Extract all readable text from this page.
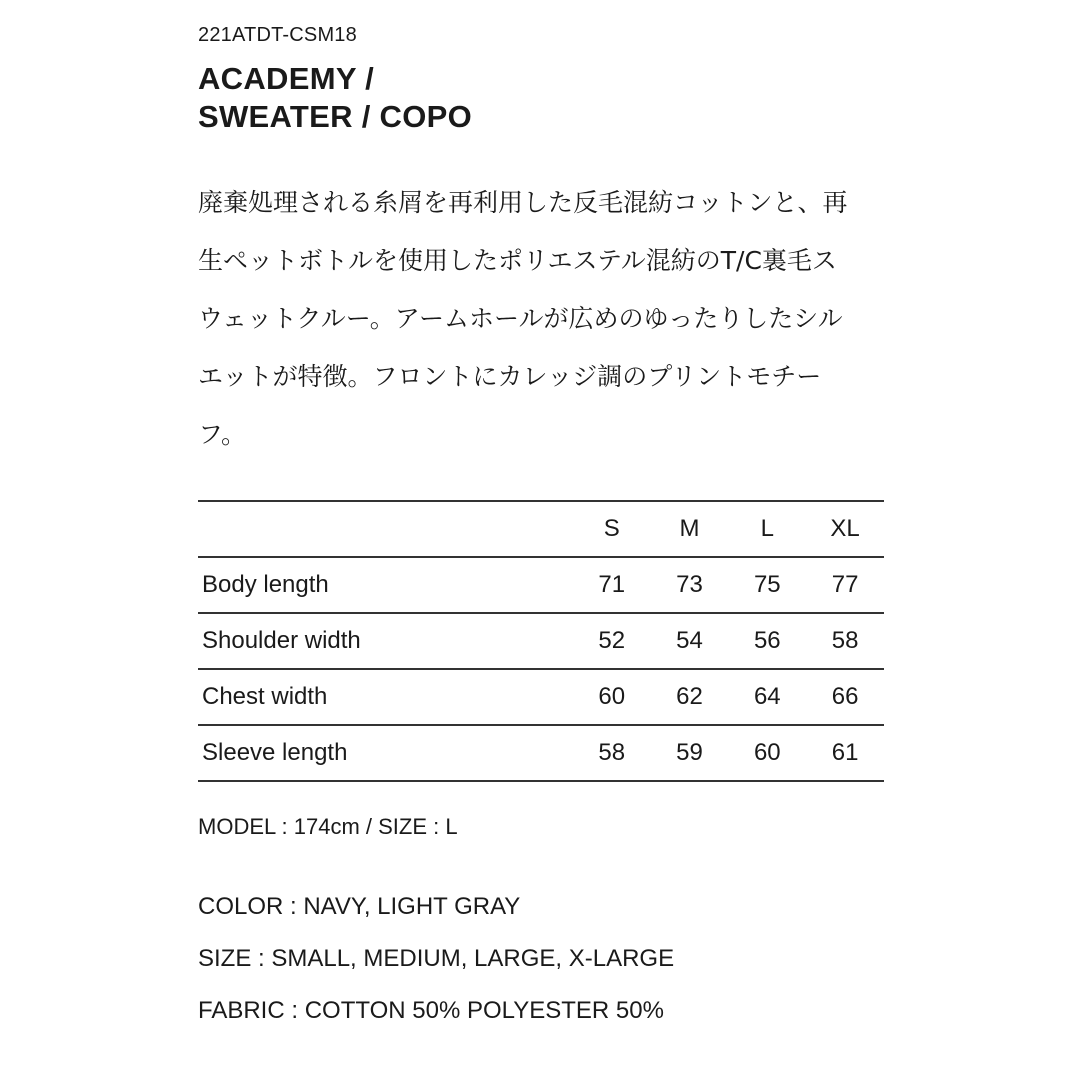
221ATDT-CSM18
ACADEMY /
SWEATER / COPO

廃棄処理される糸屑を再利用した反毛混紡コットンと、再
生ペットボトルを使用したポリエステル混紡のT/C裏毛ス
ウェットクルー。アームホールが広めのゆったりしたシル
エットが特徴。フロントにカレッジ調のプリントモチー
フ。

	S	M	L	XL
Body length	71	73	75	77
Shoulder width	52	54	56	58
Chest width	60	62	64	66
Sleeve length	58	59	60	61
MODEL : 174cm / SIZE : L
COLOR : NAVY, LIGHT GRAY
SIZE : SMALL, MEDIUM, LARGE, X-LARGE
FABRIC : COTTON 50% POLYESTER 50%
